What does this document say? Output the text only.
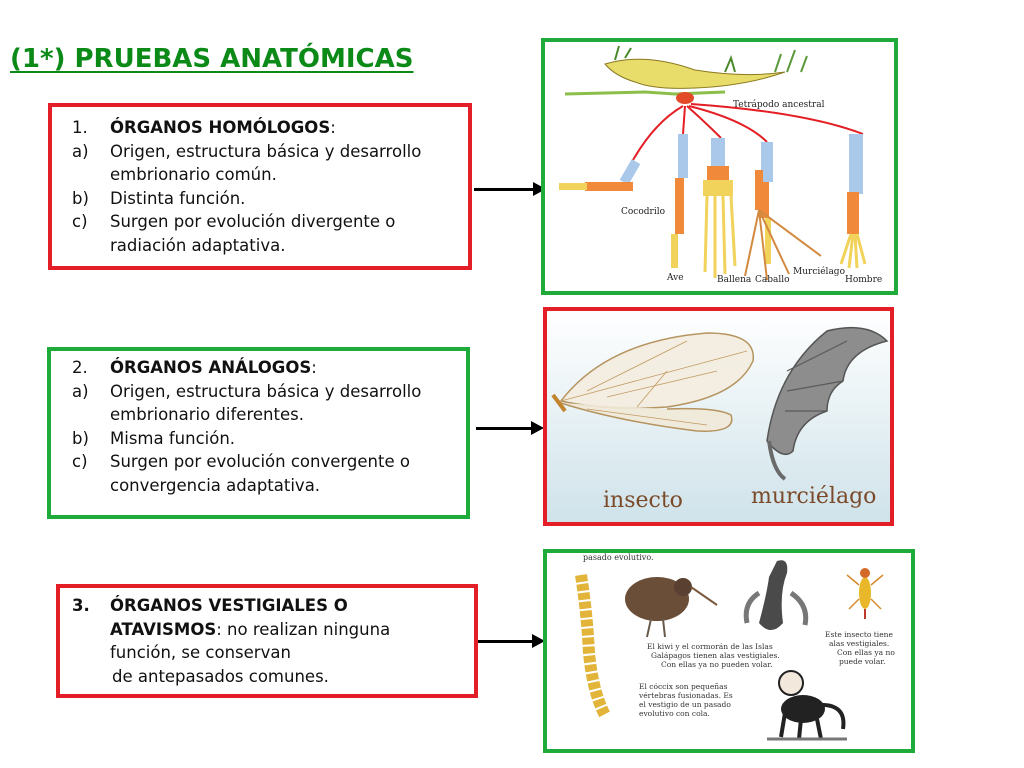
(1*) PRUEBAS ANATÓMICAS
1.	ÓRGANOS HOMÓLOGOS:
a)	Origen, estructura básica y desarrollo
embrionario común.
b)	Distinta función.
c)	Surgen por evolución divergente o
radiación adaptativa.
Tetrápodo ancestral
Cocodrilo
Ave	Ballena Caballo
Murciélago
Hombre
2.	ÓRGANOS ANÁLOGOS:
a)	Origen, estructura básica y desarrollo
embrionario diferentes.
b)	Misma función.
c)	Surgen por evolución convergente o
convergencia adaptativa.
insecto	murciélago
3.	ÓRGANOS VESTIGIALES O
ATAVISMOS: no realizan ninguna
función, se conservan
de antepasados comunes.
pasado evolutivo.
El kiwi y el cormorán de las Islas Galápagos tienen alas vestigiales. Con ellas ya no pueden volar.
Este insecto tiene alas vestigiales. Con ellas ya no puede volar.
El cóccix son pequeñas vértebras fusionadas. Es el vestigio de un pasado evolutivo con cola.
